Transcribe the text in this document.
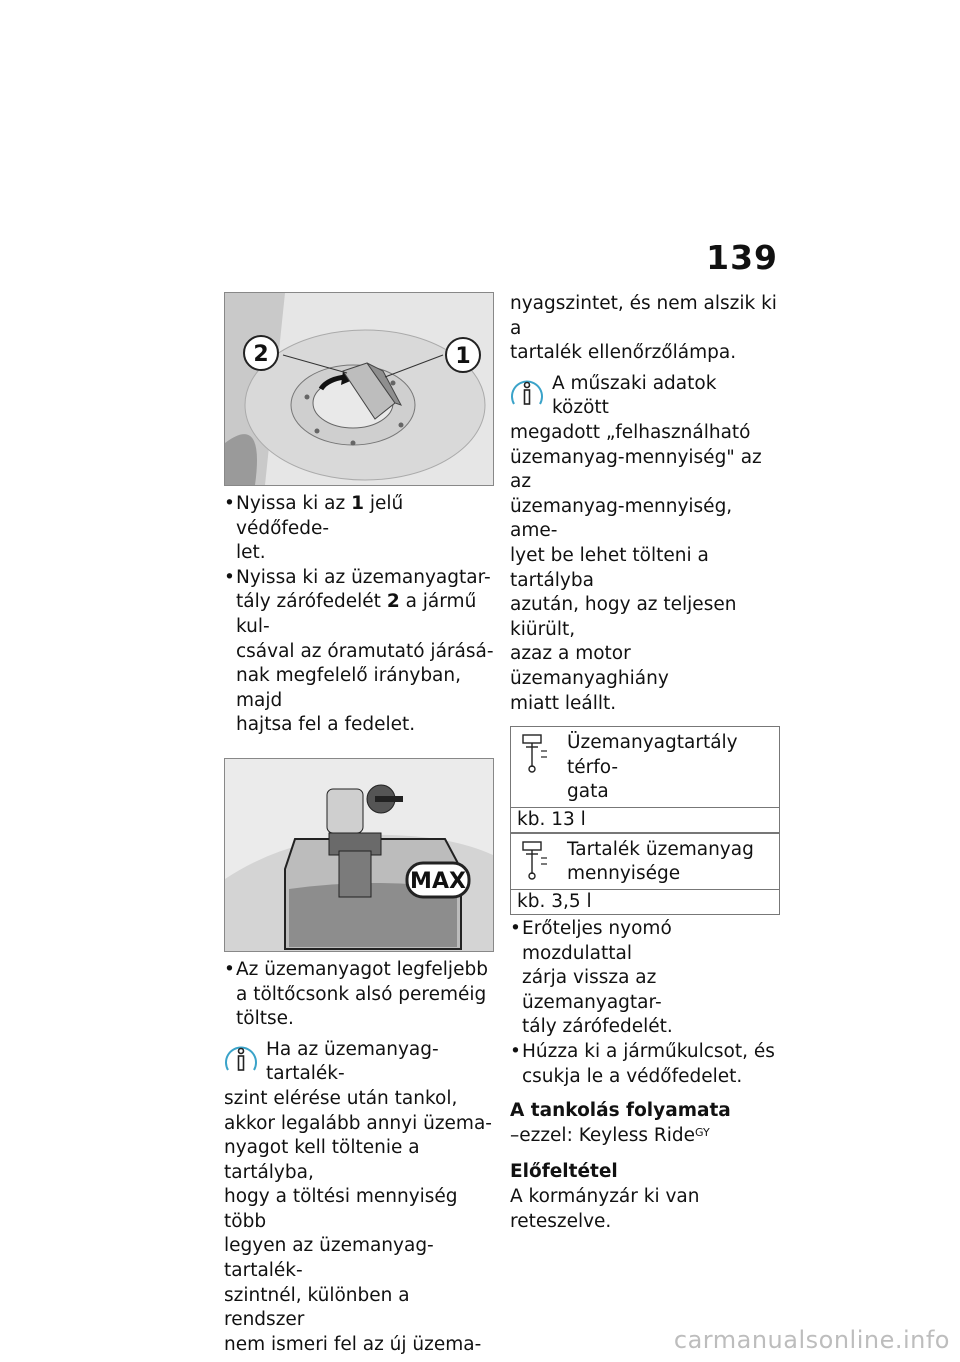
139
2	1

• Nyissa ki az 1 jelű védőfede-
let.

• Nyissa ki az üzemanyagtar-
tály zárófedelét 2 a jármű kul-
csával az óramutató járásá-
nak megfelelő irányban, majd
hajtsa fel a fedelet.

MAX

• Az üzemanyagot legfeljebb
a töltőcsonk alsó pereméig
töltse.

Ha az üzemanyag-tartalék-
szint elérése után tankol,
akkor legalább annyi üzema-
nyagot kell töltenie a tartályba,
hogy a töltési mennyiség több
legyen az üzemanyag-tartalék-
szintnél, különben a rendszer
nem ismeri fel az új üzema-

nyagszintet, és nem alszik ki a
tartalék ellenőrzőlámpa.

A műszaki adatok között
megadott „felhasználható
üzemanyag-mennyiség" az az
üzemanyag-mennyiség, ame-
lyet be lehet tölteni a tartályba
azután, hogy az teljesen kiürült,
azaz a motor üzemanyaghiány
miatt leállt.

Üzemanyagtartály térfo-
gata
kb. 13 l
Tartalék üzemanyag
mennyisége
kb. 3,5 l

• Erőteljes nyomó mozdulattal
zárja vissza az üzemanyagtar-
tály zárófedelét.

• Húzza ki a járműkulcsot, és
csukja le a védőfedelet.

A tankolás folyamata

–ezzel: Keyless Ride$^{GY}$

Előfeltétel

A kormányzár ki van reteszelve.

carmanualsonline.info
